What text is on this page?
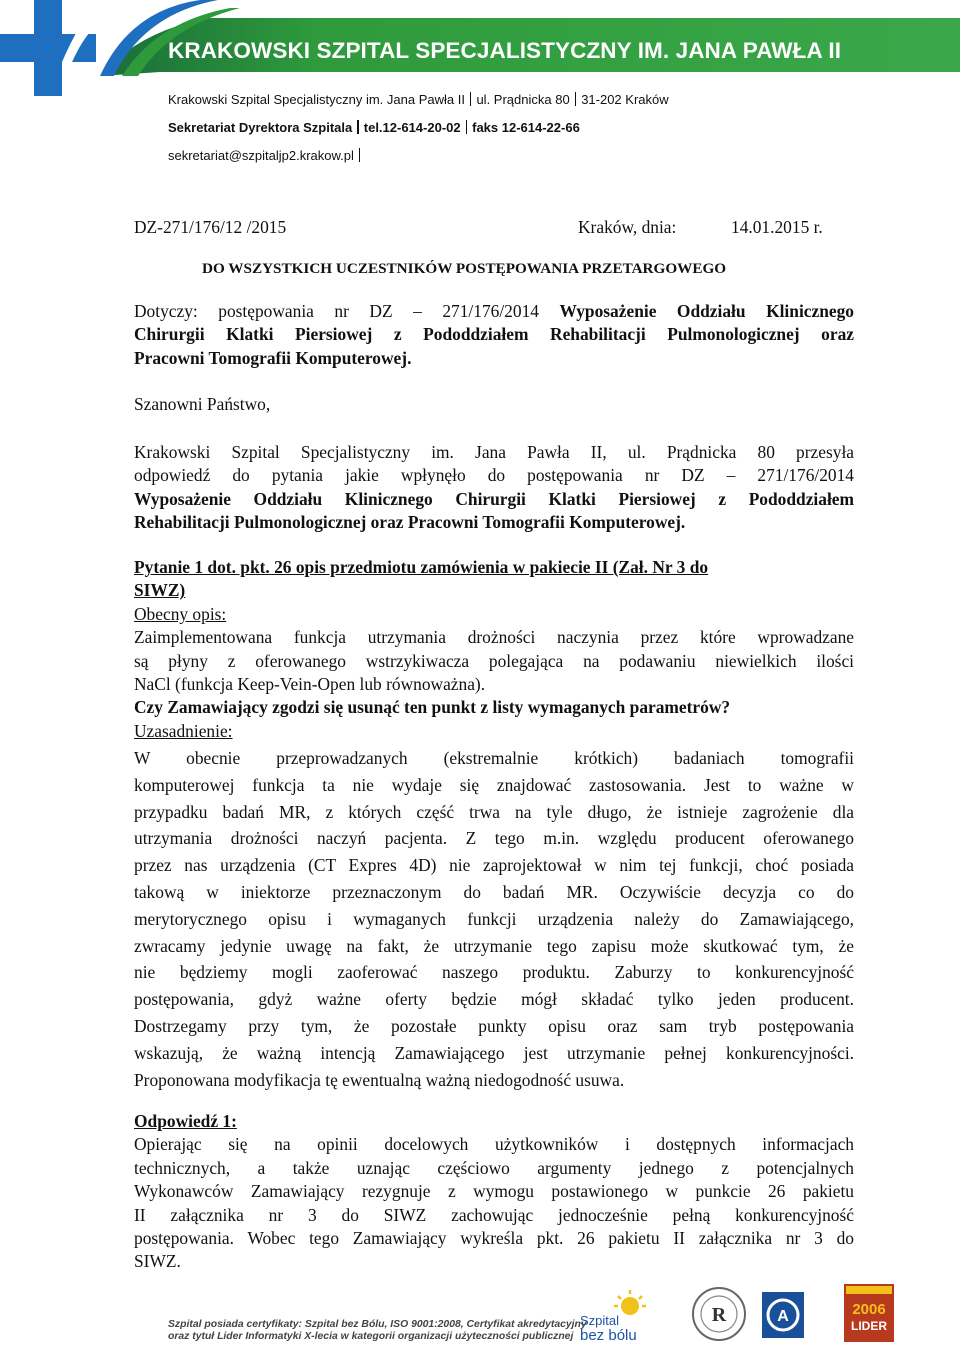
KRAKOWSKI SZPITAL SPECJALISTYCZNY IM. JANA PAWŁA II
Krakowski Szpital Specjalistyczny im. Jana Pawła II ul. Prądnicka 80 31-202 Kraków
Sekretariat Dyrektora Szpitala tel.12-614-20-02 faks 12-614-22-66
sekretariat@szpitaljp2.krakow.pl
DZ-271/176/12 /2015	Kraków, dnia:	14.01.2015 r.
DO WSZYSTKICH UCZESTNIKÓW POSTĘPOWANIA PRZETARGOWEGO
Dotyczy: postępowania nr DZ – 271/176/2014 Wyposażenie Oddziału Klinicznego
Chirurgii Klatki Piersiowej z Pododdziałem Rehabilitacji Pulmonologicznej oraz
Pracowni Tomografii Komputerowej.
Szanowni Państwo,
Krakowski Szpital Specjalistyczny im. Jana Pawła II, ul. Prądnicka 80 przesyła
odpowiedź do pytania jakie wpłynęło do postępowania nr DZ – 271/176/2014
Wyposażenie Oddziału Klinicznego Chirurgii Klatki Piersiowej z Pododdziałem
Rehabilitacji Pulmonologicznej oraz Pracowni Tomografii Komputerowej.
Pytanie 1 dot. pkt. 26 opis przedmiotu zamówienia w pakiecie II (Zał. Nr 3 do
SIWZ)
Obecny opis:
Zaimplementowana funkcja utrzymania drożności naczynia przez które wprowadzane
są płyny z oferowanego wstrzykiwacza polegająca na podawaniu niewielkich ilości
NaCl (funkcja Keep-Vein-Open lub równoważna).
Czy Zamawiający zgodzi się usunąć ten punkt z listy wymaganych parametrów?
Uzasadnienie:
W obecnie przeprowadzanych (ekstremalnie krótkich) badaniach tomografii
komputerowej funkcja ta nie wydaje się znajdować zastosowania. Jest to ważne w
przypadku badań MR, z których część trwa na tyle długo, że istnieje zagrożenie dla
utrzymania drożności naczyń pacjenta. Z tego m.in. względu producent oferowanego
przez nas urządzenia (CT Expres 4D) nie zaprojektował w nim tej funkcji, choć posiada
takową w iniektorze przeznaczonym do badań MR. Oczywiście decyzja co do
merytorycznego opisu i wymaganych funkcji urządzenia należy do Zamawiającego,
zwracamy jedynie uwagę na fakt, że utrzymanie tego zapisu może skutkować tym, że
nie będziemy mogli zaoferować naszego produktu. Zaburzy to konkurencyjność
postępowania, gdyż ważne oferty będzie mógł składać tylko jeden producent.
Dostrzegamy przy tym, że pozostałe punkty opisu oraz sam tryb postępowania
wskazują, że ważną intencją Zamawiającego jest utrzymanie pełnej konkurencyjności.
Proponowana modyfikacja tę ewentualną ważną niedogodność usuwa.
Odpowiedź 1:
Opierając się na opinii docelowych użytkowników i dostępnych informacjach
technicznych, a także uznając częściowo argumenty jednego z potencjalnych
Wykonawców Zamawiający rezygnuje z wymogu postawionego w punkcie 26 pakietu
II załącznika nr 3 do SIWZ zachowując jednocześnie pełną konkurencyjność
postępowania. Wobec tego Zamawiający wykreśla pkt. 26 pakietu II załącznika nr 3 do
SIWZ.
Szpital posiada certyfikaty: Szpital bez Bólu, ISO 9001:2008, Certyfikat akredytacyjny
oraz tytuł Lider Informatyki X-lecia w kategorii organizacji użyteczności publicznej
Szpital
bez bólu
R	A	2006
LIDER
